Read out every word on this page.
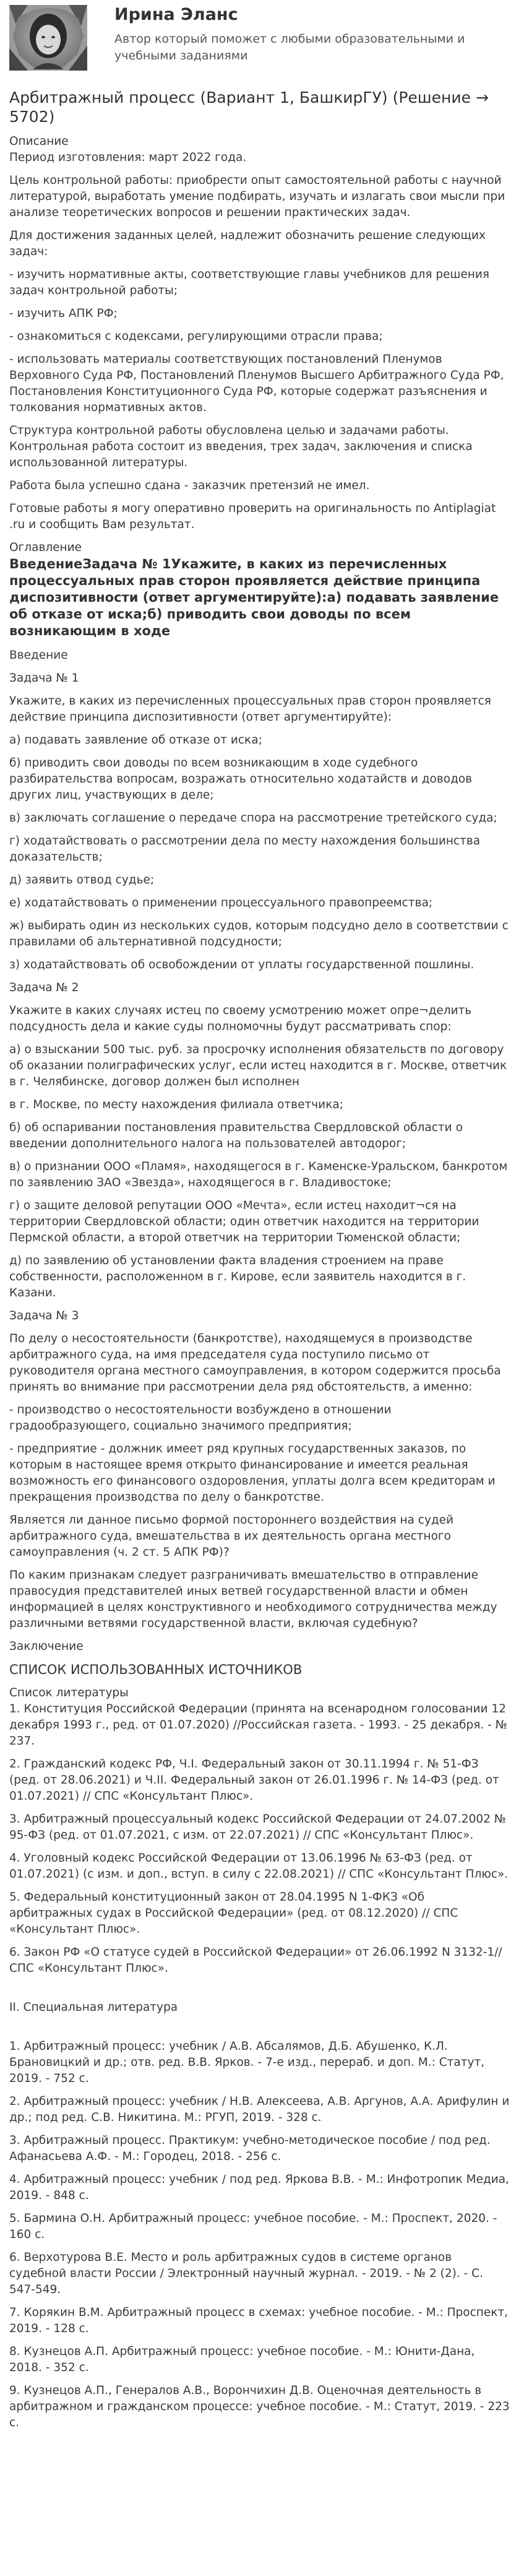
Ирина Эланс
Автор который поможет с любыми образовательными и учебными заданиями
Арбитражный процесс (Вариант 1, БашкирГУ) (Решение → 5702)
Описание
Период изготовления: март 2022 года.
Цель контрольной работы: приобрести опыт самостоятельной работы с научной литературой, выработать умение подбирать, изучать и излагать свои мысли при анализе теоретических вопросов и решении практических задач.
Для достижения заданных целей, надлежит обозначить решение следующих задач:
- изучить нормативные акты, соответствующие главы учебников для решения задач контрольной работы;
- изучить АПК РФ;
- ознакомиться с кодексами, регулирующими отрасли права;
- использовать материалы соответствующих постановлений Пленумов Верховного Суда РФ, Постановлений Пленумов Высшего Арбитражного Суда РФ, Постановления Конституционного Суда РФ, которые содержат разъяснения и толкования нормативных актов.
Структура контрольной работы обусловлена целью и задачами работы. Контрольная работа состоит из введения, трех задач, заключения и списка использованной литературы.
Работа была успешно сдана - заказчик претензий не имел.
Готовые работы я могу оперативно проверить на оригинальность по Antiplagiat .ru и сообщить Вам результат.
Оглавление
ВведениеЗадача № 1Укажите, в каких из перечисленных процессуальных прав сторон проявляется действие принципа диспозитивности (ответ аргументируйте):а) подавать заявление об отказе от иска;б) приводить свои доводы по всем возникающим в ходе
Введение
Задача № 1
Укажите, в каких из перечисленных процессуальных прав сторон проявляется действие принципа диспозитивности (ответ аргументируйте):
а) подавать заявление об отказе от иска;
б) приводить свои доводы по всем возникающим в ходе судебного разбирательства вопросам, возражать относительно ходатайств и доводов других лиц, участвующих в деле;
в) заключать соглашение о передаче спора на рассмотрение третейского суда;
г) ходатайствовать о рассмотрении дела по месту нахождения большинства доказательств;
д) заявить отвод судье;
е) ходатайствовать о применении процессуального правопреемства;
ж) выбирать один из нескольких судов, которым подсудно дело в соответствии с правилами об альтернативной подсудности;
з) ходатайствовать об освобождении от уплаты государственной пошлины.
Задача № 2
Укажите в каких случаях истец по своему усмотрению может опре¬делить подсудность дела и какие суды полномочны будут рассматривать спор:
а) о взыскании 500 тыс. руб. за просрочку исполнения обязательств по договору об оказании полиграфических услуг, если истец находится в г. Москве, ответчик в г. Челябинске, договор должен был исполнен
в г. Москве, по месту нахождения филиала ответчика;
б) об оспаривании постановления правительства Свердловской области о введении дополнительного налога на пользователей автодорог;
в) о признании ООО «Пламя», находящегося в г. Каменске-Уральском, банкротом по заявлению ЗАО «Звезда», находящегося в г. Владивостоке;
г) о защите деловой репутации ООО «Мечта», если истец находит¬ся на территории Свердловской области; один ответчик находится на территории Пермской области, а второй ответчик на территории Тюменской области;
д) по заявлению об установлении факта владения строением на праве собственности, расположенном в г. Кирове, если заявитель находится в г. Казани.
Задача № 3
По делу о несостоятельности (банкротстве), находящемуся в производстве арбитражного суда, на имя председателя суда поступило письмо от руководителя органа местного самоуправления, в котором содержится просьба принять во внимание при рассмотрении дела ряд обстоятельств, а именно:
- производство о несостоятельности возбуждено в отношении градообразующего, социально значимого предприятия;
- предприятие - должник имеет ряд крупных государственных заказов, по которым в настоящее время открыто финансирование и имеется реальная возможность его финансового оздоровления, уплаты долга всем кредиторам и прекращения производства по делу о банкротстве.
Является ли данное письмо формой постороннего воздействия на судей арбитражного суда, вмешательства в их деятельность органа местного самоуправления (ч. 2 ст. 5 АПК РФ)?
По каким признакам следует разграничивать вмешательство в отправление правосудия представителей иных ветвей государственной власти и обмен информацией в целях конструктивного и необходимого сотрудничества между различными ветвями государственной власти, включая судебную?
Заключение
СПИСОК ИСПОЛЬЗОВАННЫХ ИСТОЧНИКОВ
Список литературы
1. Конституция Российской Федерации (принята на всенародном голосовании 12 декабря 1993 г., ред. от 01.07.2020) //Российская газета. - 1993. - 25 декабря. - № 237.
2. Гражданский кодекс РФ, Ч.I. Федеральный закон от 30.11.1994 г. № 51-ФЗ (ред. от 28.06.2021) и Ч.II. Федеральный закон от 26.01.1996 г. № 14-ФЗ (ред. от 01.07.2021) // СПС «Консультант Плюс».
3. Арбитражный процессуальный кодекс Российской Федерации от 24.07.2002 № 95-ФЗ (ред. от 01.07.2021, с изм. от 22.07.2021) // СПС «Консультант Плюс».
4. Уголовный кодекс Российской Федерации от 13.06.1996 № 63-ФЗ (ред. от 01.07.2021) (с изм. и доп., вступ. в силу с 22.08.2021) // СПС «Консультант Плюс».
5. Федеральный конституционный закон от 28.04.1995 N 1-ФКЗ «Об арбитражных судах в Российской Федерации» (ред. от 08.12.2020) // СПС «Консультант Плюс».
6. Закон РФ «О статусе судей в Российской Федерации» от 26.06.1992 N 3132-1// СПС «Консультант Плюс».
II. Специальная литература
1. Арбитражный процесс: учебник / А.В. Абсалямов, Д.Б. Абушенко, К.Л. Брановицкий и др.; отв. ред. В.В. Ярков. - 7-е изд., перераб. и доп. М.: Статут, 2019. - 752 с.
2. Арбитражный процесс: учебник / Н.В. Алексеева, А.В. Аргунов, А.А. Арифулин и др.; под ред. С.В. Никитина. М.: РГУП, 2019. - 328 с.
3. Арбитражный процесс. Практикум: учебно-методическое пособие / под ред. Афанасьева А.Ф. - М.: Городец, 2018. - 256 с.
4. Арбитражный процесс: учебник / под ред. Яркова В.В. - М.: Инфотропик Медиа, 2019. - 848 с.
5. Бармина О.Н. Арбитражный процесс: учебное пособие. - М.: Проспект, 2020. - 160 с.
6. Верхотурова В.Е. Место и роль арбитражных судов в системе органов судебной власти России / Электронный научный журнал. - 2019. - № 2 (2). - С. 547-549.
7. Корякин В.М. Арбитражный процесс в схемах: учебное пособие. - М.: Проспект, 2019. - 128 с.
8. Кузнецов А.П. Арбитражный процесс: учебное пособие. - М.: Юнити-Дана, 2018. - 352 с.
9. Кузнецов А.П., Генералов А.В., Ворончихин Д.В. Оценочная деятельность в арбитражном и гражданском процессе: учебное пособие. - М.: Статут, 2019. - 223 с.
